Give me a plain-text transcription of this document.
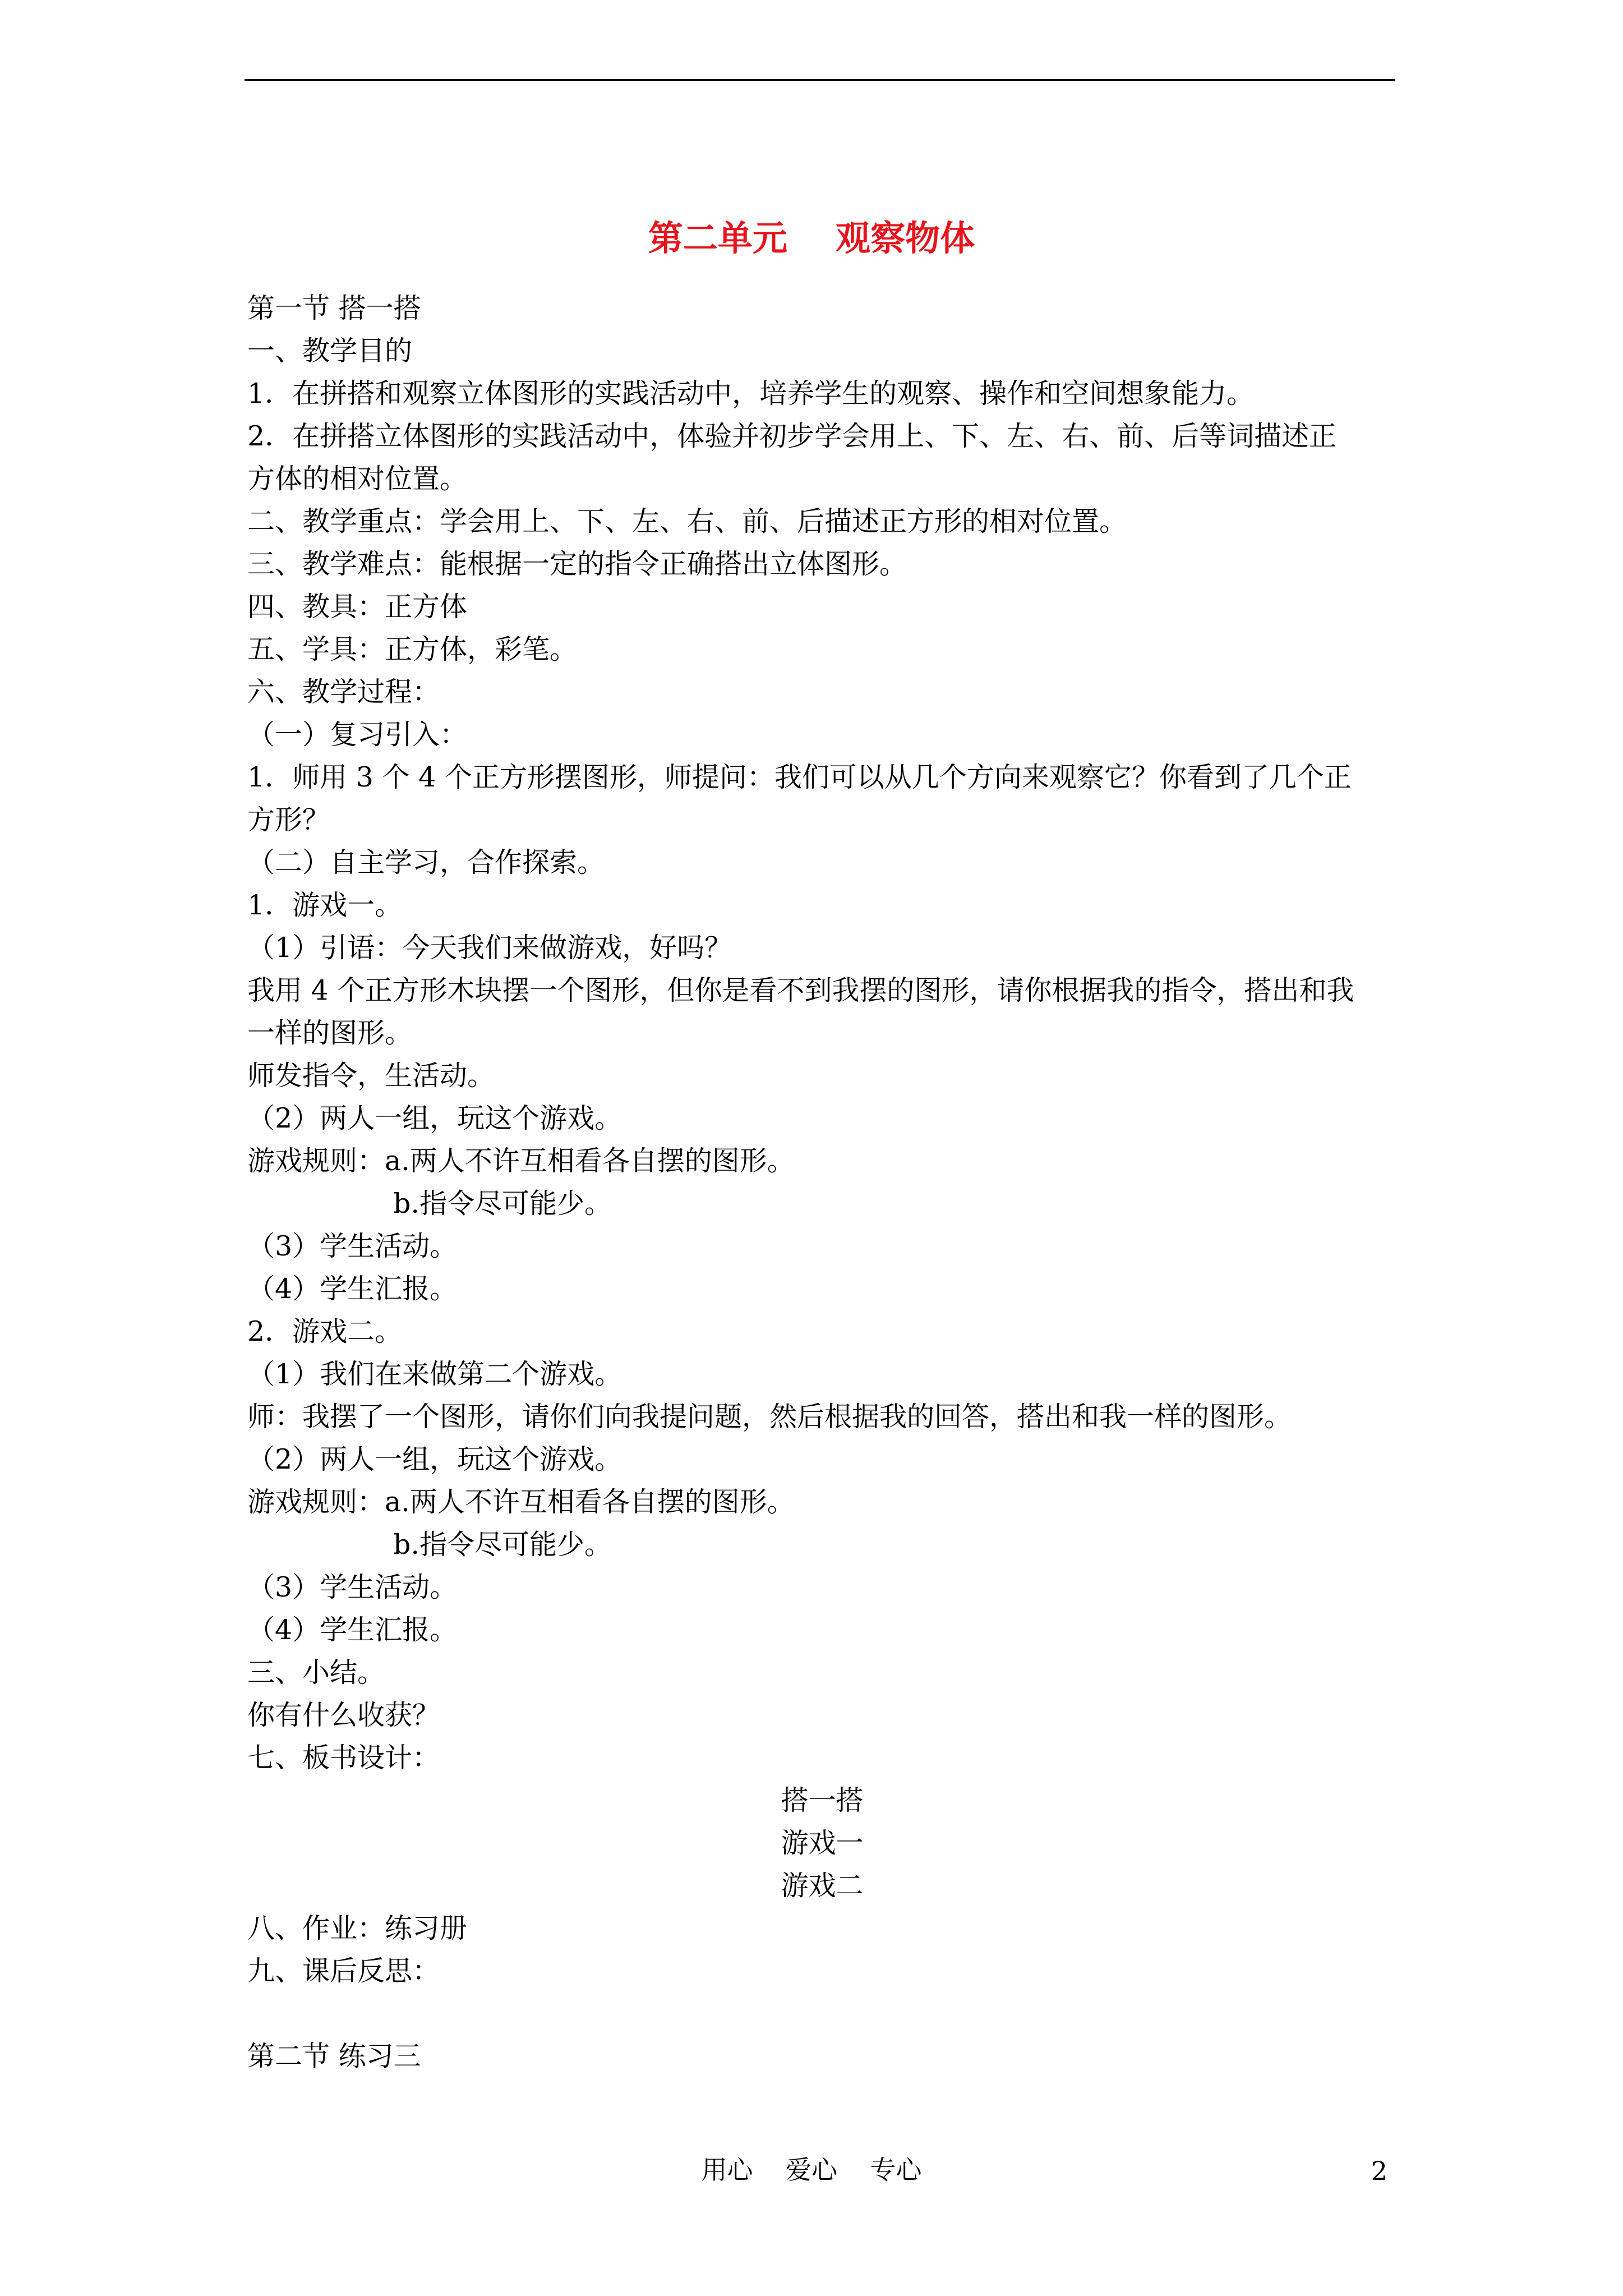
第二单元    观察物体
第一节 搭一搭
一、教学目的
1．在拼搭和观察立体图形的实践活动中，培养学生的观察、操作和空间想象能力。
2．在拼搭立体图形的实践活动中，体验并初步学会用上、下、左、右、前、后等词描述正
方体的相对位置。
二、教学重点：学会用上、下、左、右、前、后描述正方形的相对位置。
三、教学难点：能根据一定的指令正确搭出立体图形。
四、教具：正方体
五、学具：正方体，彩笔。
六、教学过程：
（一）复习引入：
1．师用 3 个 4 个正方形摆图形，师提问：我们可以从几个方向来观察它？你看到了几个正
方形？
（二）自主学习，合作探索。
1．游戏一。
（1）引语：今天我们来做游戏，好吗？
我用 4 个正方形木块摆一个图形，但你是看不到我摆的图形，请你根据我的指令，搭出和我
一样的图形。
师发指令，生活动。
（2）两人一组，玩这个游戏。
游戏规则：a.两人不许互相看各自摆的图形。
b.指令尽可能少。
（3）学生活动。
（4）学生汇报。
2．游戏二。
（1）我们在来做第二个游戏。
师：我摆了一个图形，请你们向我提问题，然后根据我的回答，搭出和我一样的图形。
（2）两人一组，玩这个游戏。
游戏规则：a.两人不许互相看各自摆的图形。
b.指令尽可能少。
（3）学生活动。
（4）学生汇报。
三、小结。
你有什么收获？
七、板书设计：
搭一搭
游戏一
游戏二
八、作业：练习册
九、课后反思：
第二节 练习三
用心    爱心    专心	2
